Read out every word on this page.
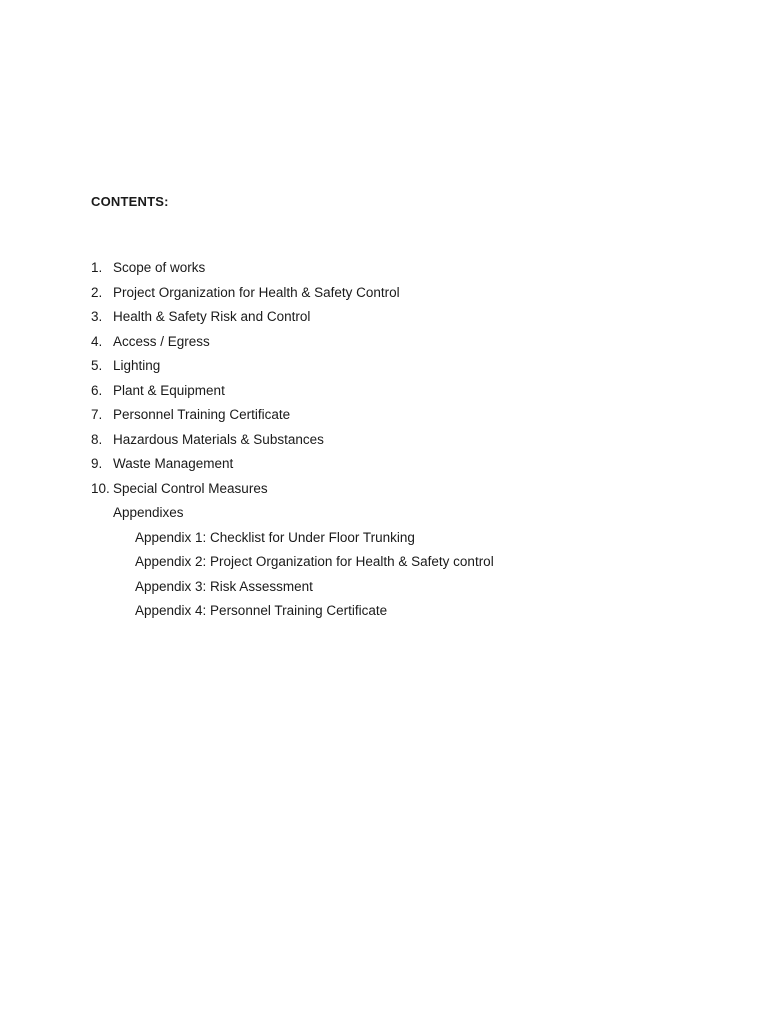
CONTENTS:
1. Scope of works
2. Project Organization for Health & Safety Control
3. Health & Safety Risk and Control
4. Access / Egress
5. Lighting
6. Plant & Equipment
7. Personnel Training Certificate
8. Hazardous Materials & Substances
9. Waste Management
10. Special Control Measures
Appendixes
Appendix 1: Checklist for Under Floor Trunking
Appendix 2: Project Organization for Health & Safety control
Appendix 3: Risk Assessment
Appendix 4: Personnel Training Certificate
